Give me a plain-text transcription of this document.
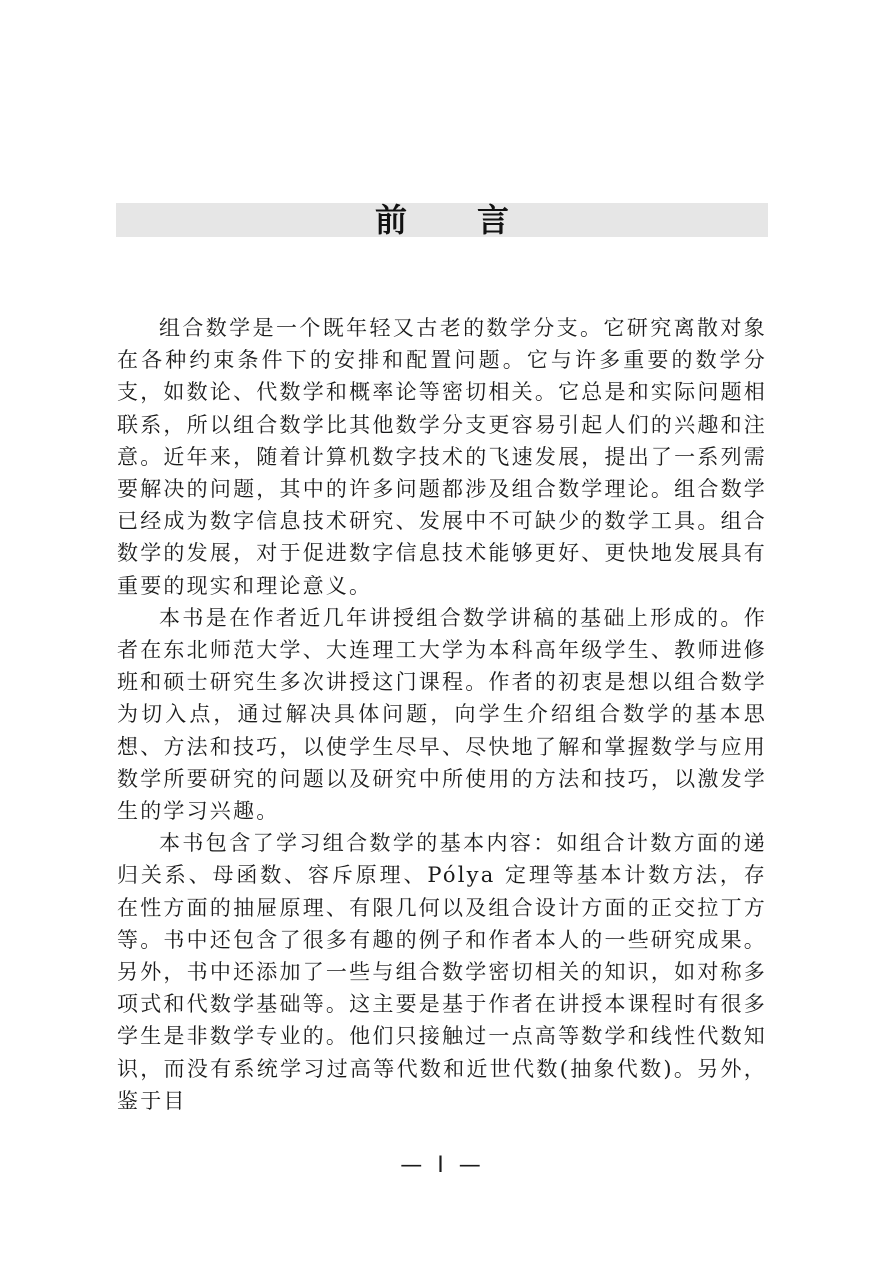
前 言

组合数学是一个既年轻又古老的数学分支。它研究离散对象在各种约束条件下的安排和配置问题。它与许多重要的数学分支，如数论、代数学和概率论等密切相关。它总是和实际问题相联系，所以组合数学比其他数学分支更容易引起人们的兴趣和注意。近年来，随着计算机数字技术的飞速发展，提出了一系列需要解决的问题，其中的许多问题都涉及组合数学理论。组合数学已经成为数字信息技术研究、发展中不可缺少的数学工具。组合数学的发展，对于促进数字信息技术能够更好、更快地发展具有重要的现实和理论意义。

本书是在作者近几年讲授组合数学讲稿的基础上形成的。作者在东北师范大学、大连理工大学为本科高年级学生、教师进修班和硕士研究生多次讲授这门课程。作者的初衷是想以组合数学为切入点，通过解决具体问题，向学生介绍组合数学的基本思想、方法和技巧，以使学生尽早、尽快地了解和掌握数学与应用数学所要研究的问题以及研究中所使用的方法和技巧，以激发学生的学习兴趣。

本书包含了学习组合数学的基本内容：如组合计数方面的递归关系、母函数、容斥原理、Pólya 定理等基本计数方法，存在性方面的抽屉原理、有限几何以及组合设计方面的正交拉丁方等。书中还包含了很多有趣的例子和作者本人的一些研究成果。另外，书中还添加了一些与组合数学密切相关的知识，如对称多项式和代数学基础等。这主要是基于作者在讲授本课程时有很多学生是非数学专业的。他们只接触过一点高等数学和线性代数知识，而没有系统学习过高等代数和近世代数(抽象代数)。另外，鉴于目

— Ⅰ —
